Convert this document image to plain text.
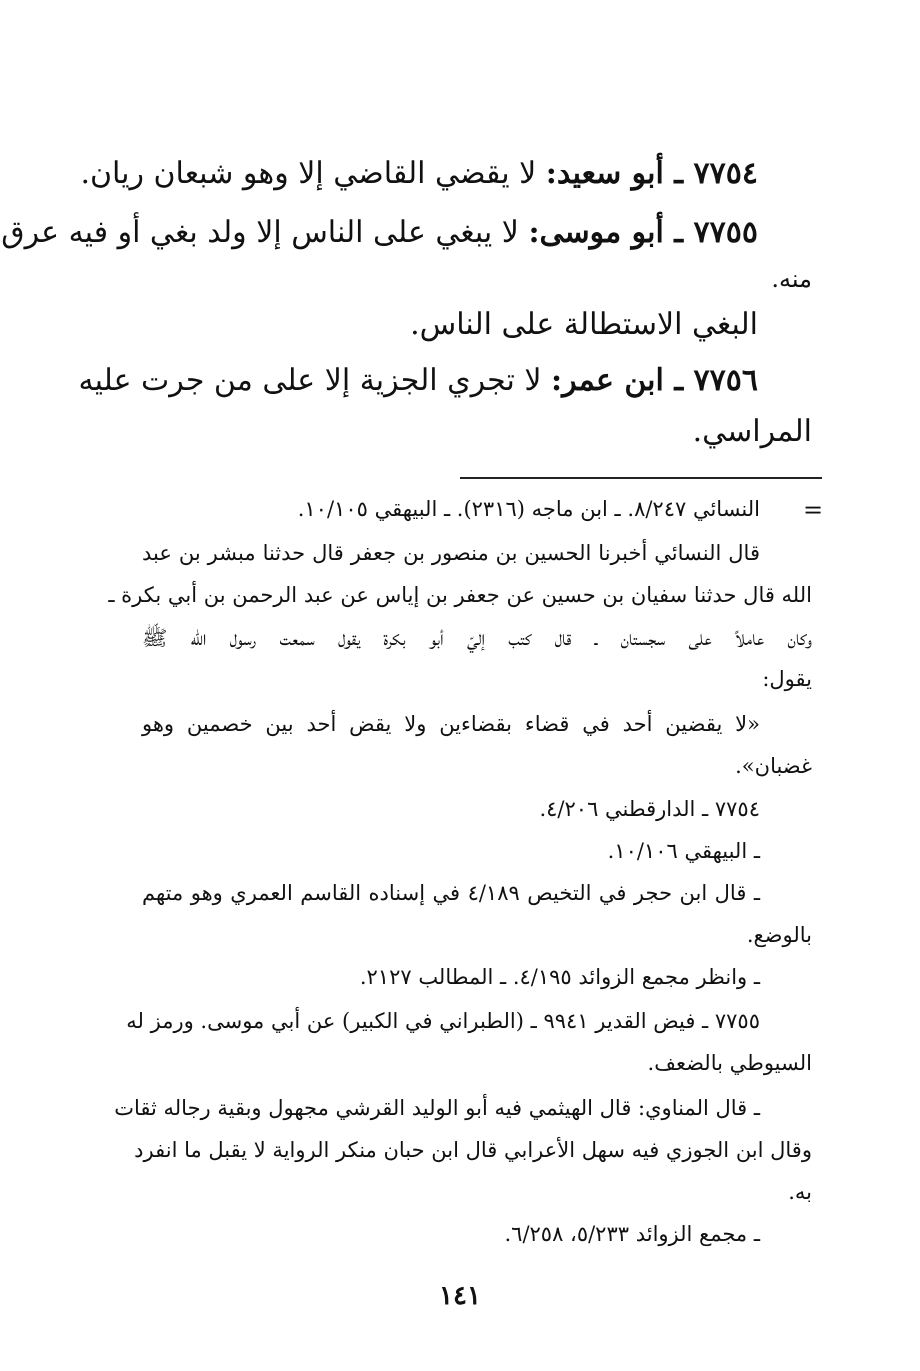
٧٧٥٤ ـ أبو سعيد: لا يقضي القاضي إلا وهو شبعان ريان.
٧٧٥٥ ـ أبو موسى: لا يبغي على الناس إلا ولد بغي أو فيه عرق
منه.
البغي الاستطالة على الناس.
٧٧٥٦ ـ ابن عمر: لا تجري الجزية إلا على من جرت عليه
المراسي.
=
النسائي ٨/٢٤٧. ـ ابن ماجه (٢٣١٦). ـ البيهقي ١٠/١٠٥.
قال النسائي أخبرنا الحسين بن منصور بن جعفر قال حدثنا مبشر بن عبد
الله قال حدثنا سفيان بن حسين عن جعفر بن إياس عن عبد الرحمن بن أبي بكرة ـ
وكان عاملاً على سجستان ـ قال كتب إليّ أبو بكرة يقول سمعت رسول الله ﷺ
يقول:
«لا يقضين أحد في قضاء بقضاءين ولا يقض أحد بين خصمين وهو
غضبان».
٧٧٥٤ ـ الدارقطني ٤/٢٠٦.
ـ البيهقي ١٠/١٠٦.
ـ قال ابن حجر في التخيص ٤/١٨٩ في إسناده القاسم العمري وهو متهم
بالوضع.
ـ وانظر مجمع الزوائد ٤/١٩٥. ـ المطالب ٢١٢٧.
٧٧٥٥ ـ فيض القدير ٩٩٤١ ـ (الطبراني في الكبير) عن أبي موسى. ورمز له
السيوطي بالضعف.
ـ قال المناوي: قال الهيثمي فيه أبو الوليد القرشي مجهول وبقية رجاله ثقات
وقال ابن الجوزي فيه سهل الأعرابي قال ابن حبان منكر الرواية لا يقبل ما انفرد
به.
ـ مجمع الزوائد ٥/٢٣٣، ٦/٢٥٨.
١٤١
